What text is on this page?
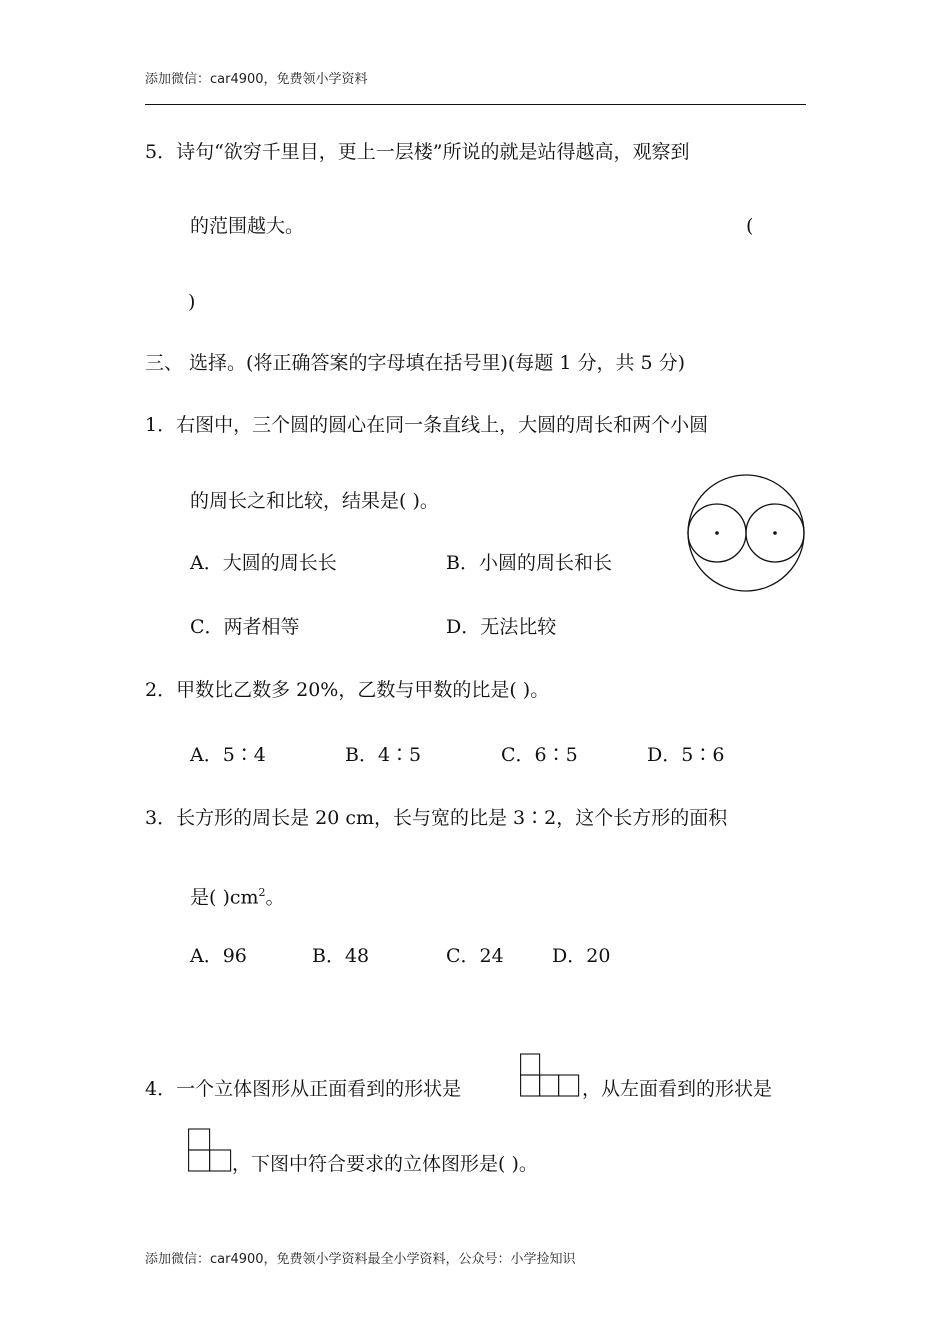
添加微信：car4900，免费领小学资料
5．诗句“欲穷千里目，更上一层楼”所说的就是站得越高，观察到
的范围越大。	(
)
三、 选择。(将正确答案的字母填在括号里)(每题 1 分，共 5 分)
1．右图中，三个圆的圆心在同一条直线上，大圆的周长和两个小圆
的周长之和比较，结果是( )。
A．大圆的周长长	B．小圆的周长和长
C．两者相等	D．无法比较
2．甲数比乙数多 20%，乙数与甲数的比是( )。
A．5∶4	B．4∶5	C．6∶5	D．5∶6
3．长方形的周长是 20 cm，长与宽的比是 3∶2，这个长方形的面积
是( )$cm^2$。
A．96	B．48	C．24	D．20
4．一个立体图形从正面看到的形状是	，从左面看到的形状是
，下图中符合要求的立体图形是( )。
添加微信：car4900，免费领小学资料最全小学资料，公众号：小学捡知识
